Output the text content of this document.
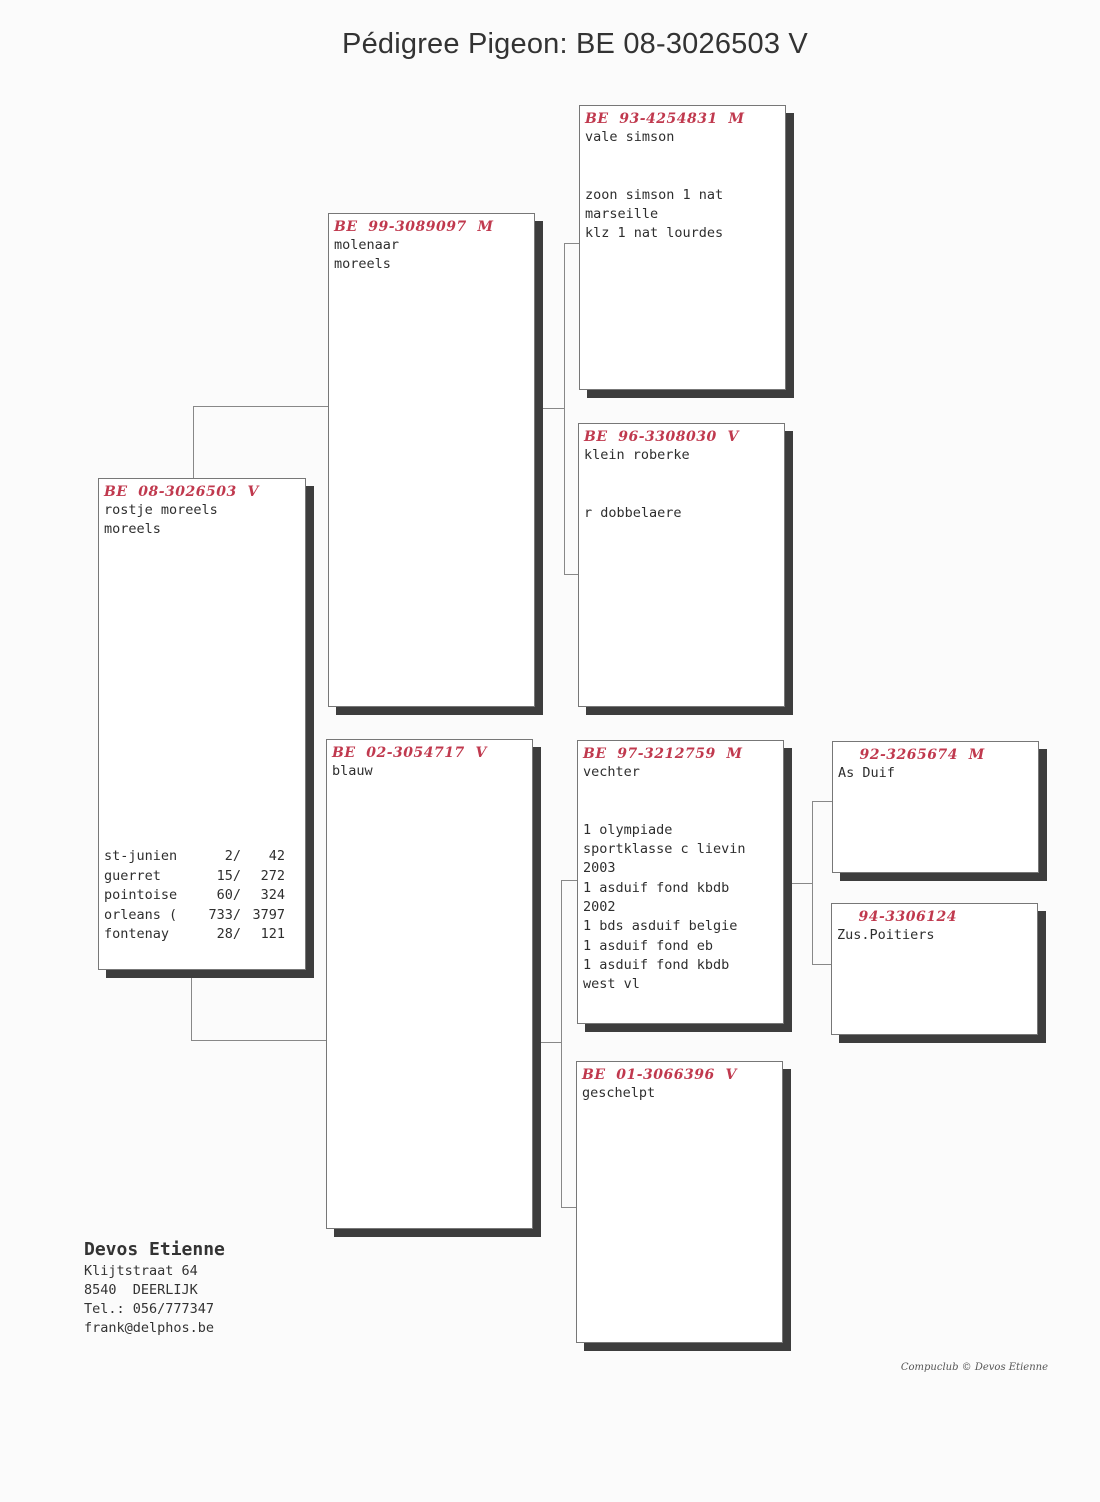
Pédigree Pigeon: BE 08-3026503 V
BE  08-3026503  V
rostje moreels
moreels
st-junien	2/	42
guerret	15/	272
pointoise	60/	324
orleans (	733/ 3797
fontenay	28/	121
BE  99-3089097  M
molenaar
moreels
BE  02-3054717  V
blauw
BE  93-4254831  M
vale simson
zoon simson 1 nat
marseille
klz 1 nat lourdes
BE  96-3308030  V
klein roberke
r dobbelaere
BE  97-3212759  M
vechter
1 olympiade
sportklasse c lievin
2003
1 asduif fond kbdb
2002
1 bds asduif belgie
1 asduif fond eb
1 asduif fond kbdb
west vl
BE  01-3066396  V
geschelpt
92-3265674  M
As Duif
94-3306124
Zus.Poitiers
Devos Etienne
Klijtstraat 64
8540  DEERLIJK
Tel.: 056/777347
frank@delphos.be
Compuclub © Devos Etienne
